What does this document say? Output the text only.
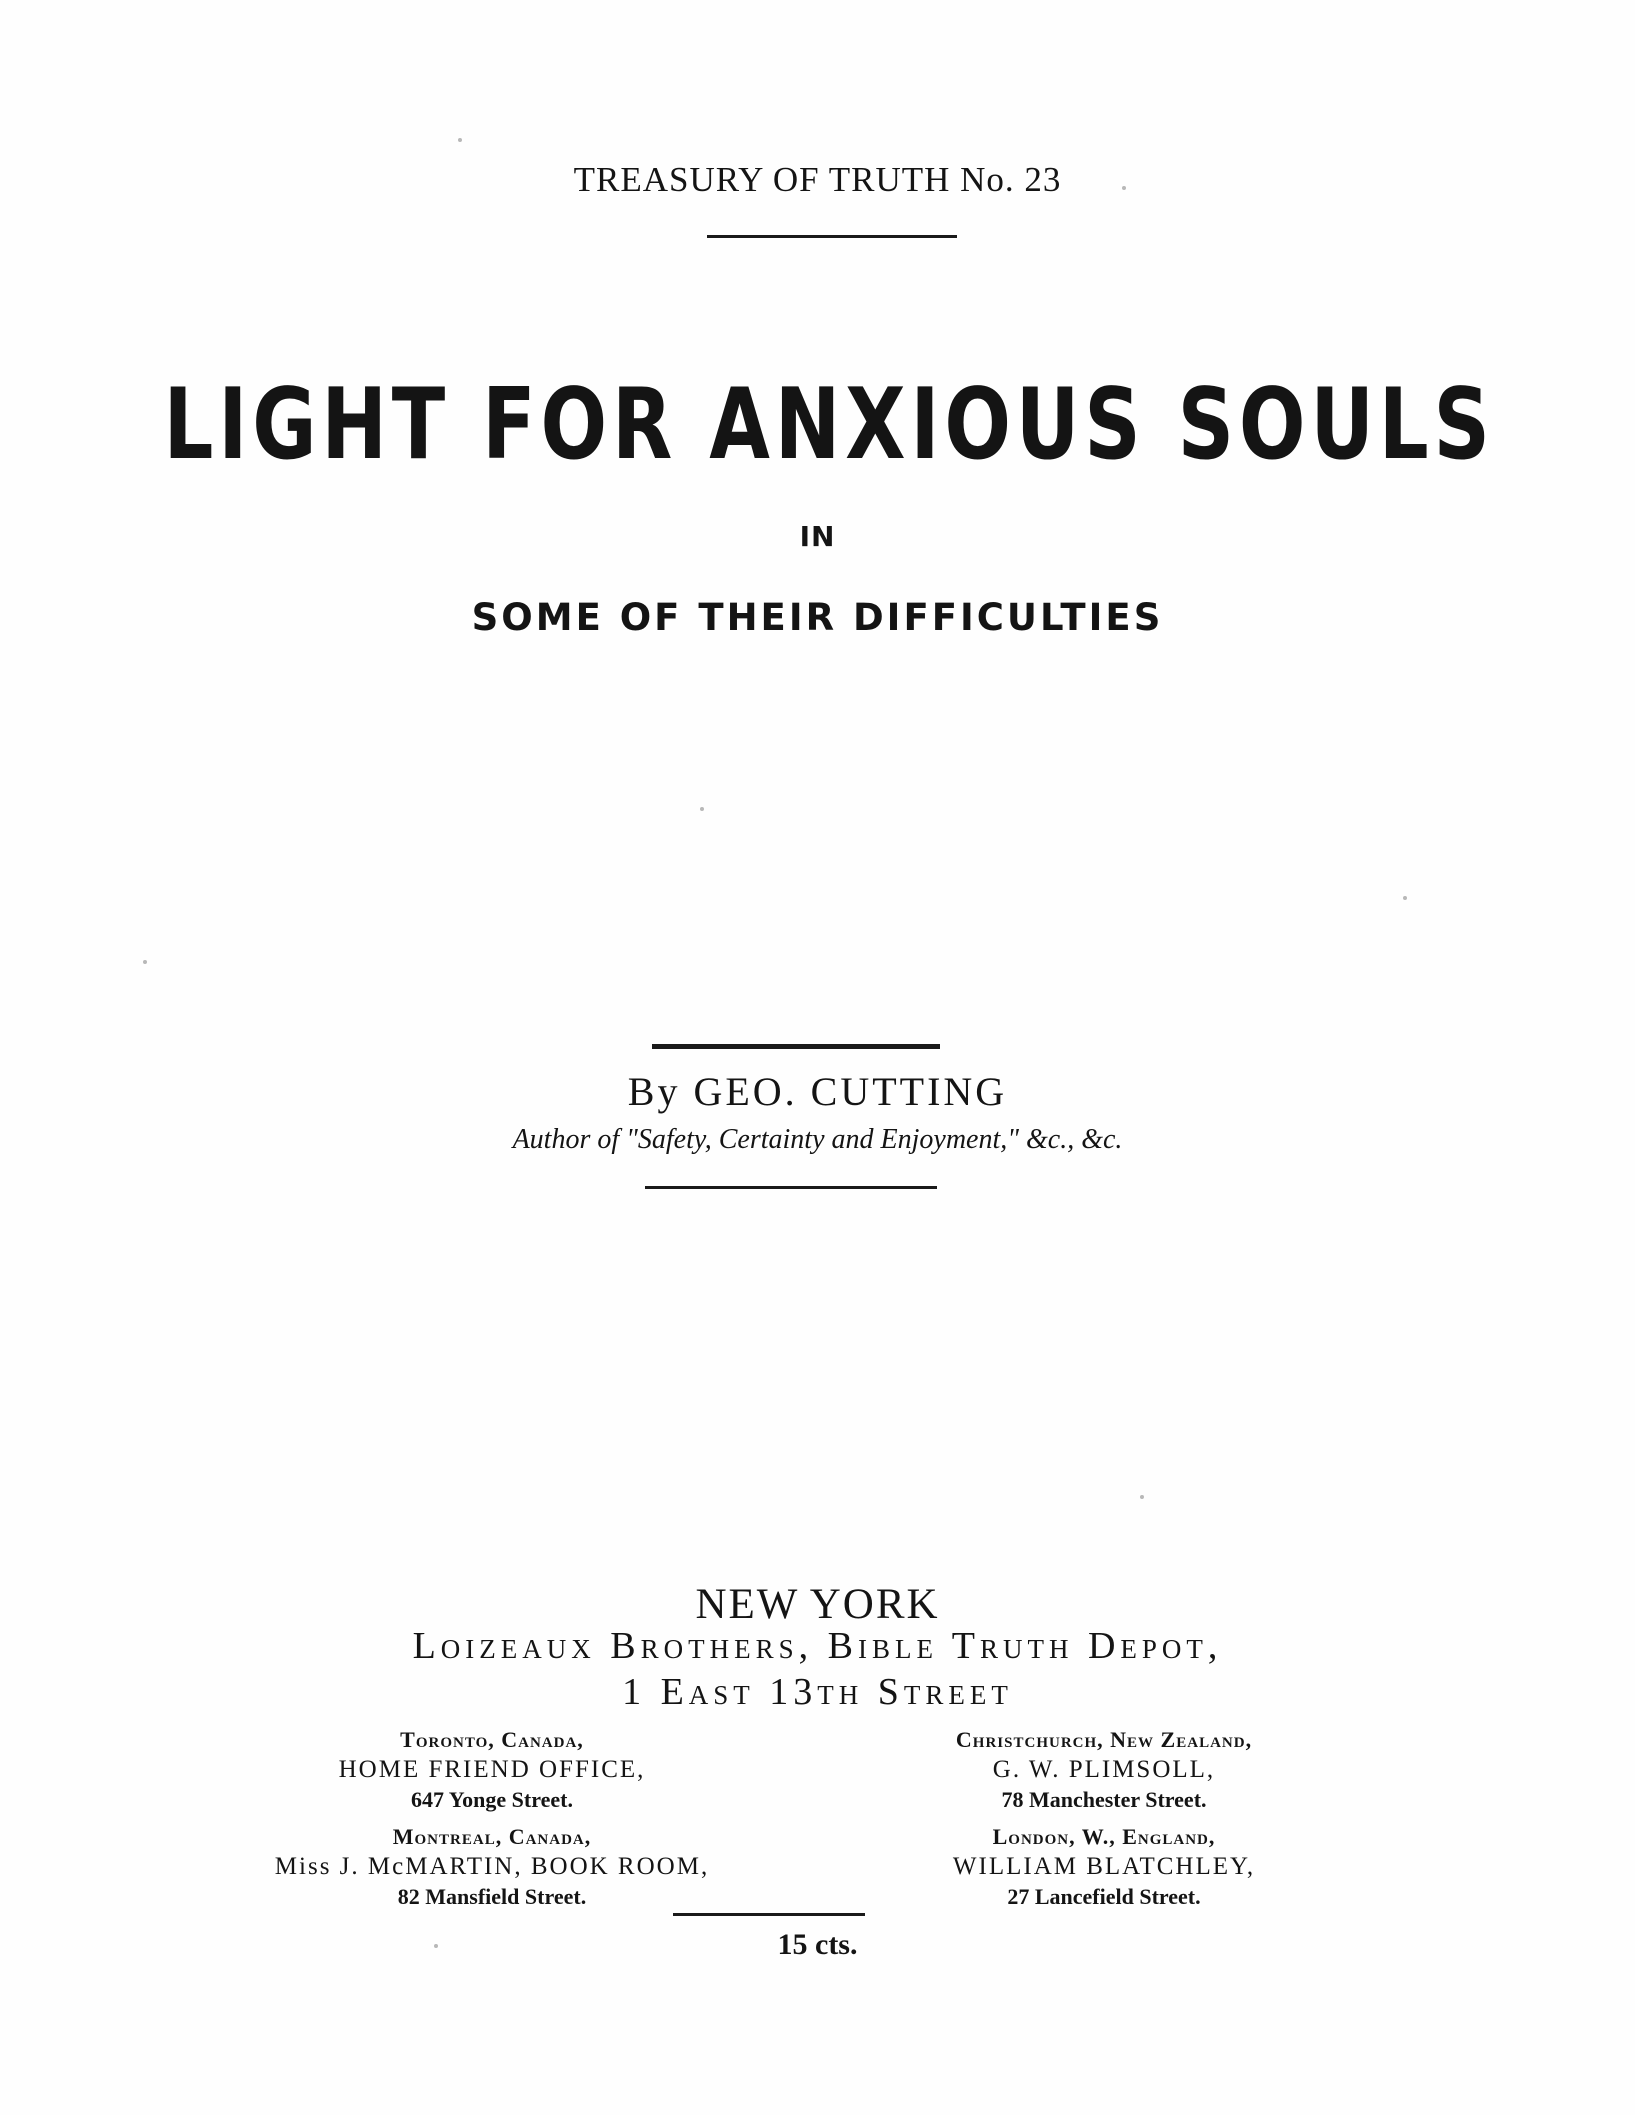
TREASURY OF TRUTH No. 23
LIGHT FOR ANXIOUS SOULS
IN
SOME OF THEIR DIFFICULTIES
By GEO. CUTTING
Author of "Safety, Certainty and Enjoyment," &c., &c.
NEW YORK
Loizeaux Brothers, Bible Truth Depot,
1 East 13th Street
Toronto, Canada,
HOME FRIEND OFFICE,
647 Yonge Street.
Christchurch, New Zealand,
G. W. PLIMSOLL,
78 Manchester Street.
Montreal, Canada,
Miss J. McMARTIN, BOOK ROOM,
82 Mansfield Street.
London, W., England,
WILLIAM BLATCHLEY,
27 Lancefield Street.
15 cts.
